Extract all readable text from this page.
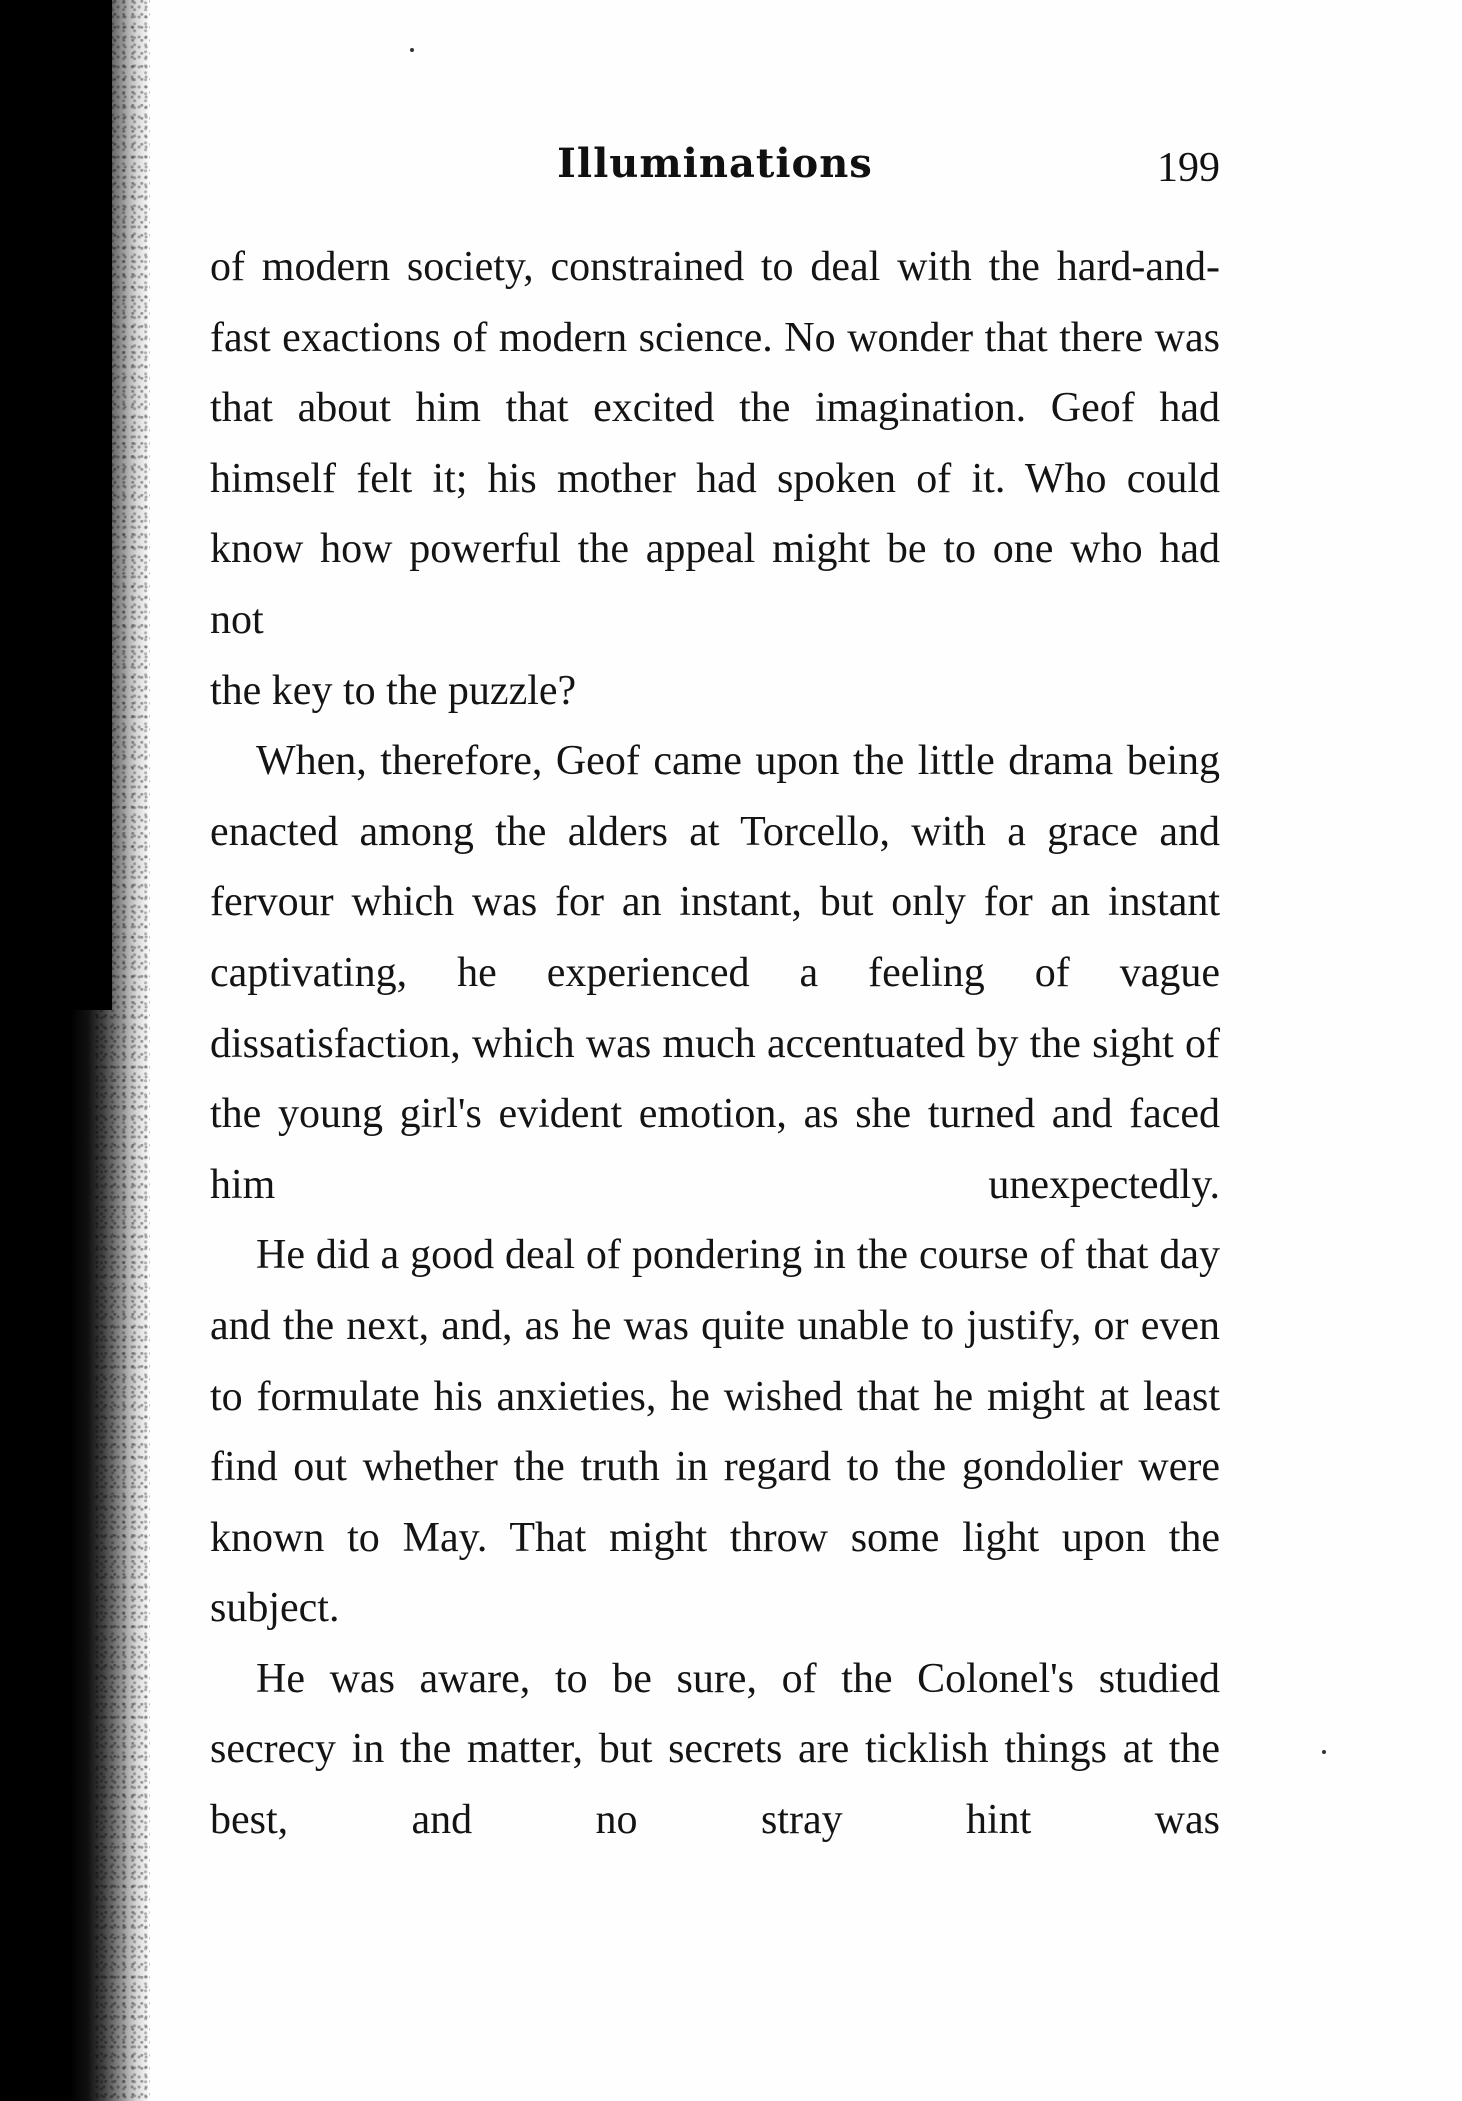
Illuminations	199

of modern society, constrained to deal with the hard-and-fast exactions of modern science. No wonder that there was that about him that excited the imagination. Geof had himself felt it; his mother had spoken of it. Who could know how powerful the appeal might be to one who had not

the key to the puzzle?

When, therefore, Geof came upon the little drama being enacted among the alders at Torcello, with a grace and fervour which was for an instant, but only for an instant captivating, he experienced a feeling of vague dissatisfaction, which was much accentuated by the sight of the young girl's evident emotion, as she turned and faced him unexpectedly.

He did a good deal of pondering in the course of that day and the next, and, as he was quite unable to justify, or even to formulate his anxieties, he wished that he might at least find out whether the truth in regard to the gondolier were known to May. That might throw some light upon the

subject.

He was aware, to be sure, of the Colonel's studied secrecy in the matter, but secrets are ticklish things at the best, and no stray hint was
